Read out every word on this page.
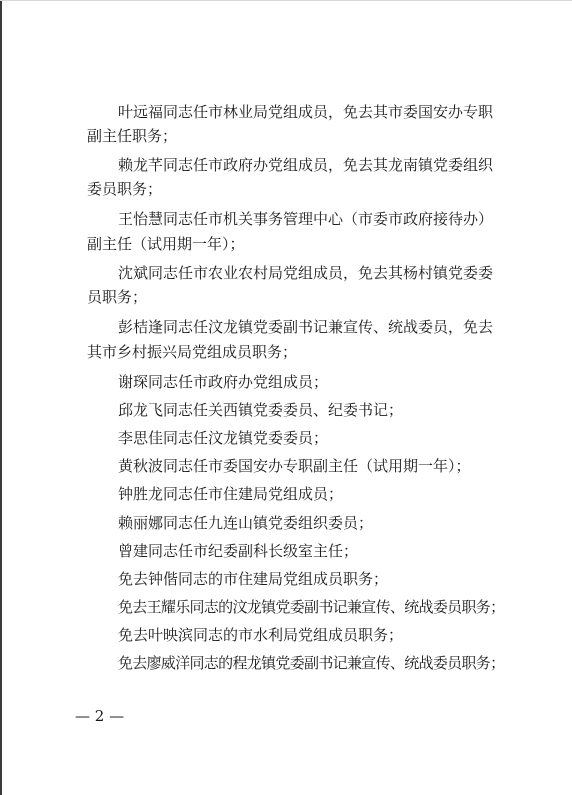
叶远福同志任市林业局党组成员，免去其市委国安办专职
副主任职务；
赖龙芊同志任市政府办党组成员，免去其龙南镇党委组织
委员职务；
王怡慧同志任市机关事务管理中心（市委市政府接待办）
副主任（试用期一年）；
沈斌同志任市农业农村局党组成员，免去其杨村镇党委委
员职务；
彭桔逢同志任汶龙镇党委副书记兼宣传、统战委员，免去
其市乡村振兴局党组成员职务；
谢琛同志任市政府办党组成员；
邱龙飞同志任关西镇党委委员、纪委书记；
李思佳同志任汶龙镇党委委员；
黄秋波同志任市委国安办专职副主任（试用期一年）；
钟胜龙同志任市住建局党组成员；
赖丽娜同志任九连山镇党委组织委员；
曾建同志任市纪委副科长级室主任；
免去钟偕同志的市住建局党组成员职务；
免去王耀乐同志的汶龙镇党委副书记兼宣传、统战委员职务；
免去叶映滨同志的市水利局党组成员职务；
免去廖威洋同志的程龙镇党委副书记兼宣传、统战委员职务；
— 2 —
